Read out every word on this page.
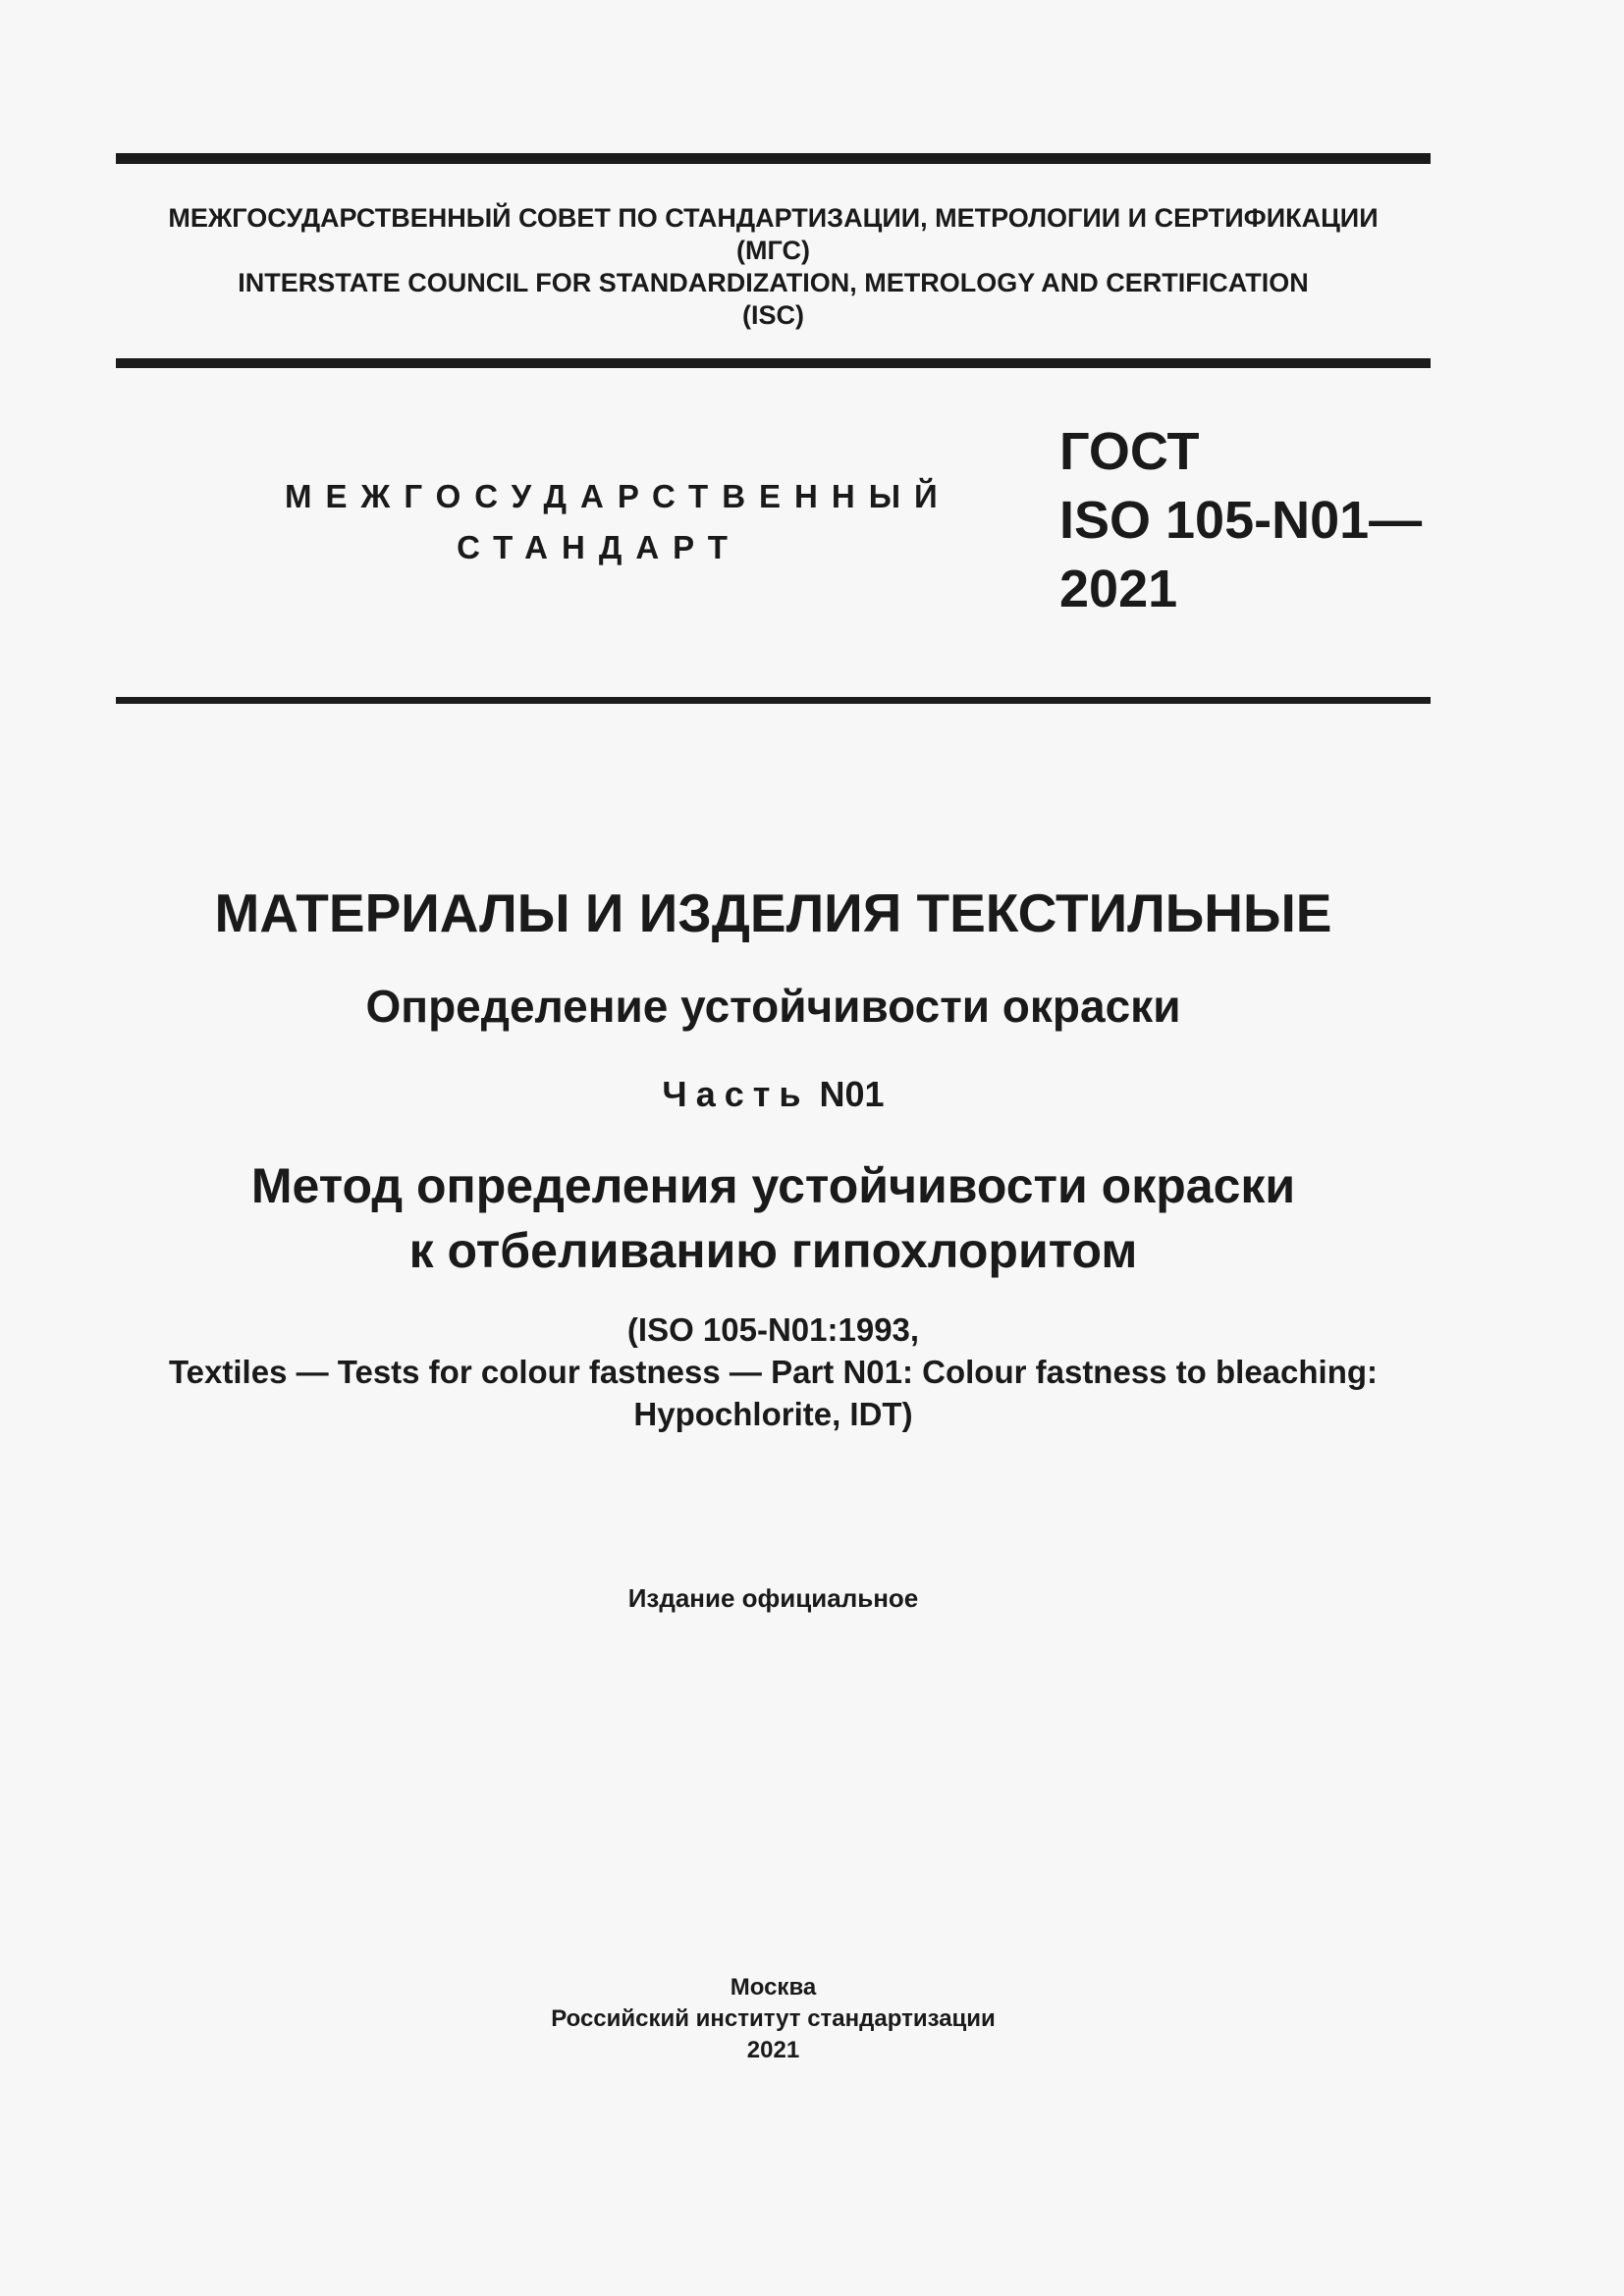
МЕЖГОСУДАРСТВЕННЫЙ СОВЕТ ПО СТАНДАРТИЗАЦИИ, МЕТРОЛОГИИ И СЕРТИФИКАЦИИ
(МГС)
INTERSTATE COUNCIL FOR STANDARDIZATION, METROLOGY AND CERTIFICATION
(ISC)
МЕЖГОСУДАРСТВЕННЫЙ
СТАНДАРТ
ГОСТ
ISO 105-N01—
2021
МАТЕРИАЛЫ И ИЗДЕЛИЯ ТЕКСТИЛЬНЫЕ
Определение устойчивости окраски
Часть N01
Метод определения устойчивости окраски
к отбеливанию гипохлоритом
(ISO 105-N01:1993,
Textiles — Tests for colour fastness — Part N01: Colour fastness to bleaching:
Hypochlorite, IDT)
Издание официальное
Москва
Российский институт стандартизации
2021
